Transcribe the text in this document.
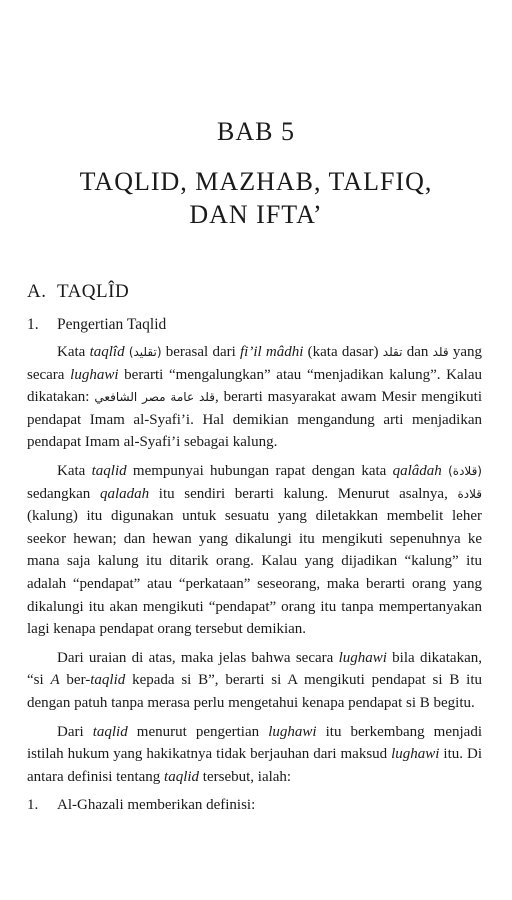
BAB 5
TAQLID, MAZHAB, TALFIQ,
DAN IFTA’
A. TAQLÎD
1. Pengertian Taqlid

Kata taqlîd (تقليد) berasal dari fi’il mâdhi (kata dasar) تقلد dan قلد yang secara lughawi berarti “mengalungkan” atau “menjadikan kalung”. Kalau dikatakan: قلد عامة مصر الشافعي, berarti masyarakat awam Mesir mengikuti pendapat Imam al-Syafi’i. Hal demikian mengandung arti menjadikan pendapat Imam al-Syafi’i sebagai kalung.

Kata taqlid mempunyai hubungan rapat dengan kata qalâdah (قلادة) sedangkan qaladah itu sendiri berarti kalung. Menurut asalnya, قلادة (kalung) itu digunakan untuk sesuatu yang diletakkan membelit leher seekor hewan; dan hewan yang dikalungi itu mengikuti sepenuhnya ke mana saja kalung itu ditarik orang. Kalau yang dijadikan “kalung” itu adalah “pendapat” atau “perkataan” seseorang, maka berarti orang yang dikalungi itu akan mengikuti “pendapat” orang itu tanpa mempertanyakan lagi kenapa pendapat orang tersebut demikian.

Dari uraian di atas, maka jelas bahwa secara lughawi bila dikatakan, “si A ber-taqlid kepada si B”, berarti si A mengikuti pendapat si B itu dengan patuh tanpa merasa perlu mengetahui kenapa pendapat si B begitu.

Dari taqlid menurut pengertian lughawi itu berkembang menjadi istilah hukum yang hakikatnya tidak berjauhan dari maksud lughawi itu. Di antara definisi tentang taqlid tersebut, ialah:

1. Al-Ghazali memberikan definisi:
